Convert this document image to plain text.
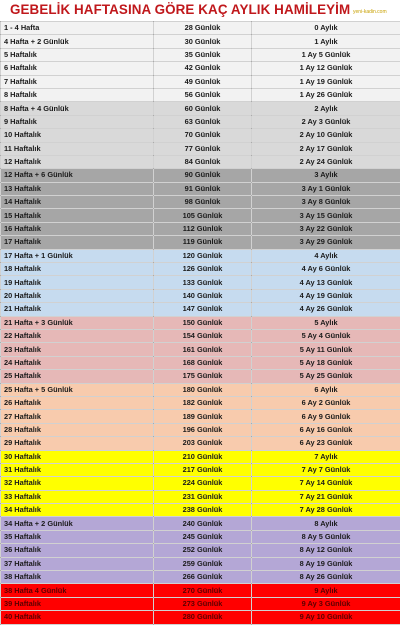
GEBELİK HAFTASINA GÖRE KAÇ AYLIK HAMİLEYİM yeni-kadin.com
1 - 4 Hafta	28 Günlük	0 Aylık
4 Hafta + 2 Günlük	30 Günlük	1 Aylık
5 Haftalık	35 Günlük	1 Ay 5 Günlük
6 Haftalık	42 Günlük	1 Ay 12 Günlük
7 Haftalık	49 Günlük	1 Ay 19 Günlük
8 Haftalık	56 Günlük	1 Ay 26 Günlük
8 Hafta + 4 Günlük	60 Günlük	2 Aylık
9 Haftalık	63 Günlük	2 Ay 3 Günlük
10 Haftalık	70 Günlük	2 Ay 10 Günlük
11 Haftalık	77 Günlük	2 Ay 17 Günlük
12 Haftalık	84 Günlük	2 Ay 24 Günlük
12 Hafta + 6 Günlük	90 Günlük	3 Aylık
13 Haftalık	91 Günlük	3 Ay 1 Günlük
14 Haftalık	98 Günlük	3 Ay 8 Günlük
15 Haftalık	105 Günlük	3 Ay 15 Günlük
16 Haftalık	112 Günlük	3 Ay 22 Günlük
17 Haftalık	119 Günlük	3 Ay 29 Günlük
17 Hafta + 1 Günlük	120 Günlük	4 Aylık
18 Haftalık	126 Günlük	4 Ay 6 Günlük
19 Haftalık	133 Günlük	4 Ay 13 Günlük
20 Haftalık	140 Günlük	4 Ay 19 Günlük
21 Haftalık	147 Günlük	4 Ay 26 Günlük
21 Hafta + 3 Günlük	150 Günlük	5 Aylık
22 Haftalık	154 Günlük	5 Ay 4 Günlük
23 Haftalık	161 Günlük	5 Ay 11 Günlük
24 Haftalık	168 Günlük	5 Ay 18 Günlük
25 Haftalık	175 Günlük	5 Ay 25 Günlük
25 Hafta + 5 Günlük	180 Günlük	6 Aylık
26 Haftalık	182 Günlük	6 Ay 2 Günlük
27 Haftalık	189 Günlük	6 Ay 9 Günlük
28 Haftalık	196 Günlük	6 Ay 16 Günlük
29 Haftalık	203 Günlük	6 Ay 23 Günlük
30 Haftalık	210 Günlük	7 Aylık
31 Haftalık	217 Günlük	7 Ay 7 Günlük
32 Haftalık	224 Günlük	7 Ay 14 Günlük
33 Haftalık	231 Günlük	7 Ay 21 Günlük
34 Haftalık	238 Günlük	7 Ay 28 Günlük
34 Hafta + 2 Günlük	240 Günlük	8 Aylık
35 Haftalık	245 Günlük	8 Ay 5 Günlük
36 Haftalık	252 Günlük	8 Ay 12 Günlük
37 Haftalık	259 Günlük	8 Ay 19 Günlük
38 Haftalık	266 Günlük	8 Ay 26 Günlük
38 Hafta 4 Günlük	270 Günlük	9 Aylık
39 Haftalık	273 Günlük	9 Ay 3 Günlük
40 Haftalık	280 Günlük	9 Ay 10 Günlük
